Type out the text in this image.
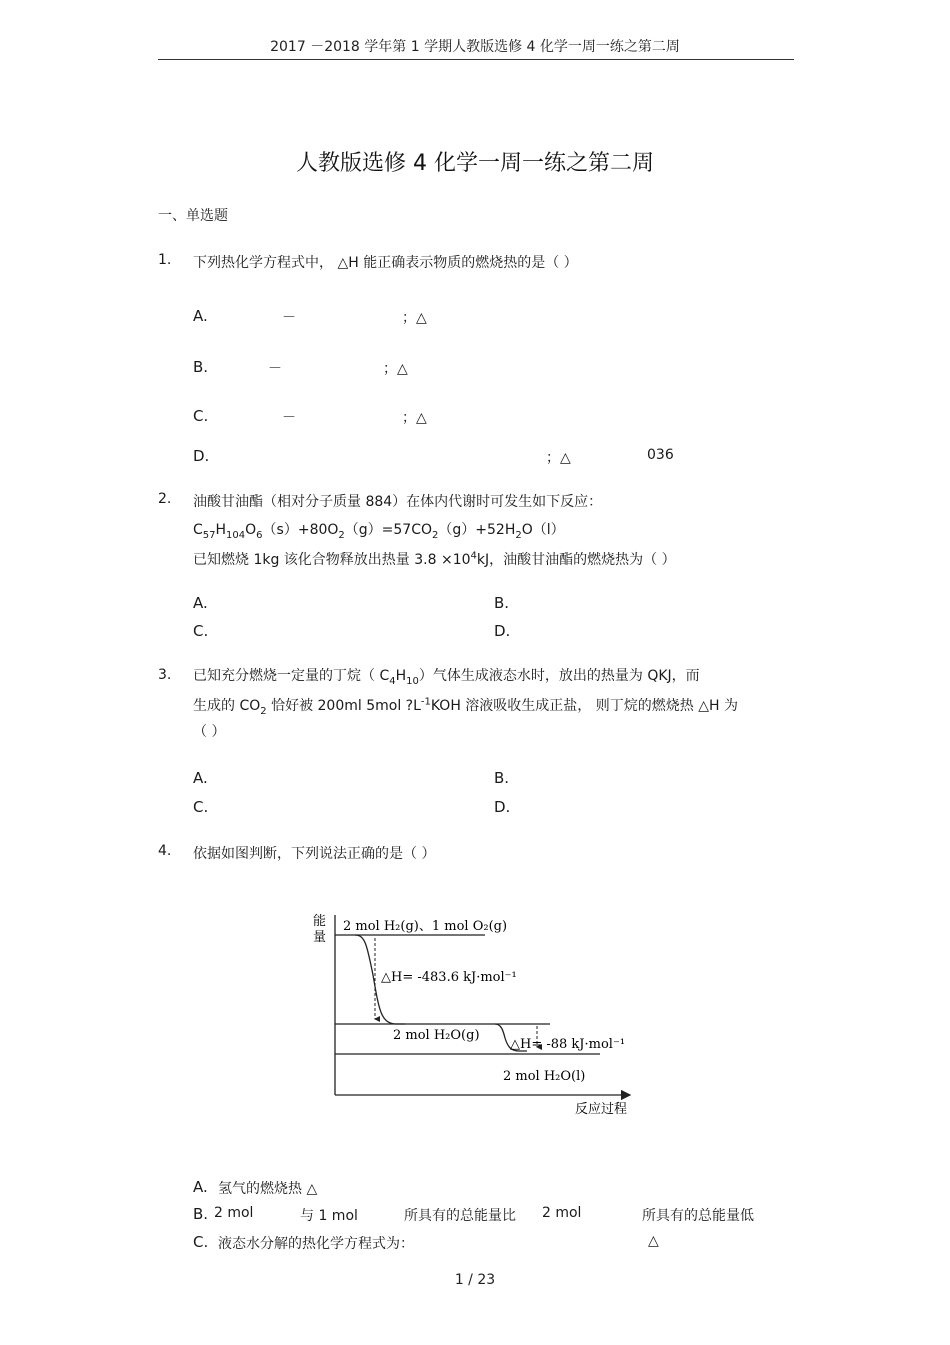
2017 －2018 学年第 1 学期人教版选修 4 化学一周一练之第二周
人教版选修 4 化学一周一练之第二周
一、单选题
1. 下列热化学方程式中， △H 能正确表示物质的燃烧热的是（ ）
A.	－	；△
B.	－	；△
C.	－	；△
D.	；△	036
2. 油酸甘油酯（相对分子质量 884）在体内代谢时可发生如下反应：
$C_{57}H_{104}O_6(s)+80O_2(g)=57CO_2(g)+52H_2O(l)$
已知燃烧 1kg 该化合物释放出热量 $3.8 \times 10^4kJ$，油酸甘油酯的燃烧热为（ ）
A.	B.
C.	D.
3. 已知充分燃烧一定量的丁烷（ $C_4H_{10}$）气体生成液态水时，放出的热量为 QKJ，而
生成的 $CO_2$ 恰好被 200ml 5mol $?L^{-1}KOH$ 溶液吸收生成正盐， 则丁烷的燃烧热 △H 为
（ ）
A.	B.
C.	D.
4. 依据如图判断，下列说法正确的是（ ）
能
量
反应过程
2 mol H₂(g)、1 mol O₂(g)
△H= -483.6 kJ·mol⁻¹
2 mol H₂O(g)
△H= -88 kJ·mol⁻¹
2 mol H₂O(l)
A. 氢气的燃烧热 △
B. 2 mol	与 1 mol	所具有的总能量比 2 mol	所具有的总能量低
C. 液态水分解的热化学方程式为：	△
1 / 23
